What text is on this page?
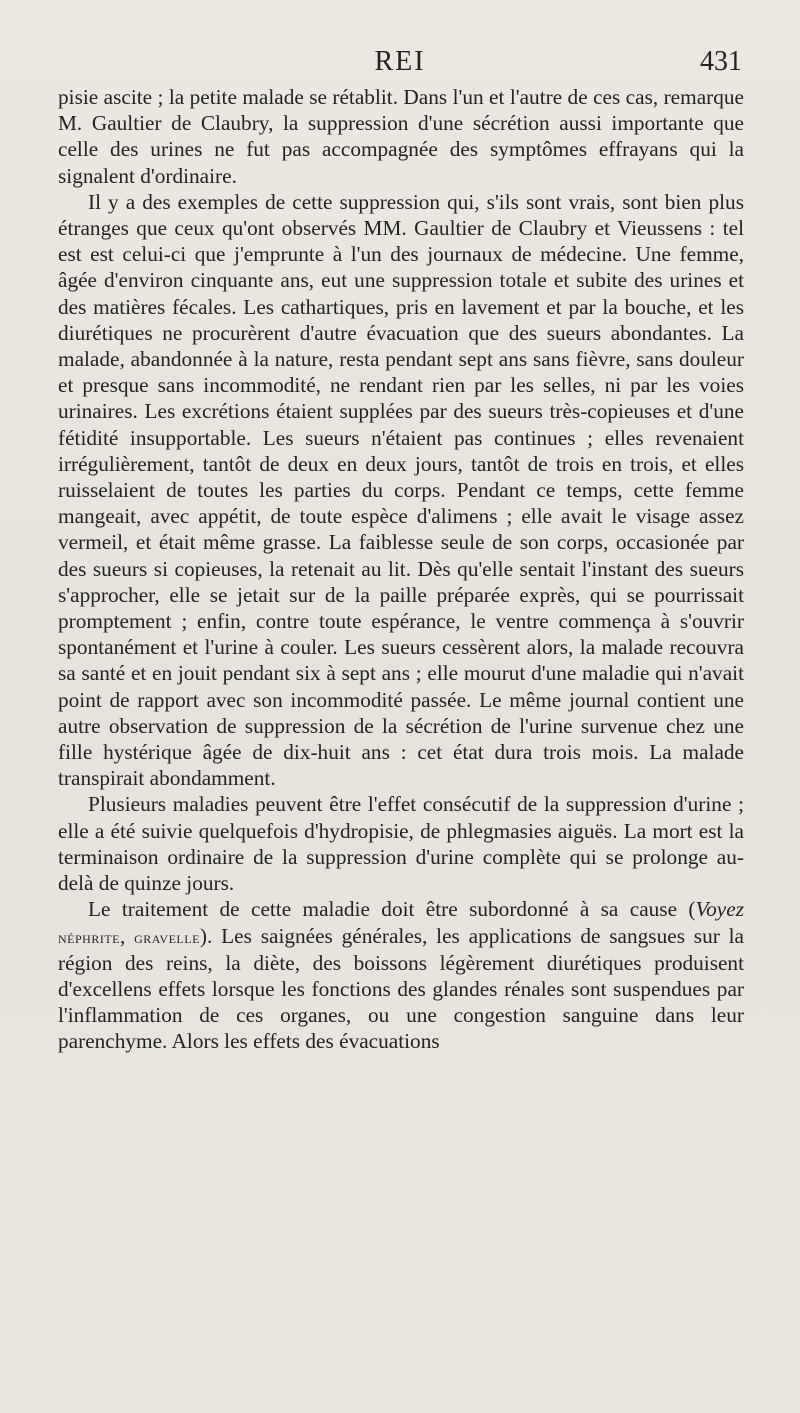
REI	431

pisie ascite ; la petite malade se rétablit. Dans l'un et l'autre de ces cas, remarque M. Gaultier de Claubry, la suppression d'une sécrétion aussi importante que celle des urines ne fut pas accompagnée des symptômes effrayans qui la signalent d'ordinaire.

Il y a des exemples de cette suppression qui, s'ils sont vrais, sont bien plus étranges que ceux qu'ont observés MM. Gaultier de Claubry et Vieussens : tel est est celui-ci que j'emprunte à l'un des journaux de médecine. Une femme, âgée d'environ cinquante ans, eut une suppression totale et subite des urines et des matières fécales. Les cathartiques, pris en lavement et par la bouche, et les diurétiques ne procurèrent d'autre évacuation que des sueurs abondantes. La malade, abandonnée à la nature, resta pendant sept ans sans fièvre, sans douleur et presque sans incommodité, ne rendant rien par les selles, ni par les voies urinaires. Les excrétions étaient supplées par des sueurs très-copieuses et d'une fétidité insupportable. Les sueurs n'étaient pas continues ; elles revenaient irrégulièrement, tantôt de deux en deux jours, tantôt de trois en trois, et elles ruisselaient de toutes les parties du corps. Pendant ce temps, cette femme mangeait, avec appétit, de toute espèce d'alimens ; elle avait le visage assez vermeil, et était même grasse. La faiblesse seule de son corps, occasionée par des sueurs si copieuses, la retenait au lit. Dès qu'elle sentait l'instant des sueurs s'approcher, elle se jetait sur de la paille préparée exprès, qui se pourrissait promptement ; enfin, contre toute espérance, le ventre commença à s'ouvrir spontanément et l'urine à couler. Les sueurs cessèrent alors, la malade recouvra sa santé et en jouit pendant six à sept ans ; elle mourut d'une maladie qui n'avait point de rapport avec son incommodité passée. Le même journal contient une autre observation de suppression de la sécrétion de l'urine survenue chez une fille hystérique âgée de dix-huit ans : cet état dura trois mois. La malade transpirait abondamment.

Plusieurs maladies peuvent être l'effet consécutif de la suppression d'urine ; elle a été suivie quelquefois d'hydropisie, de phlegmasies aiguës. La mort est la terminaison ordinaire de la suppression d'urine complète qui se prolonge au-delà de quinze jours.

Le traitement de cette maladie doit être subordonné à sa cause (Voyez néphrite, gravelle). Les saignées générales, les applications de sangsues sur la région des reins, la diète, des boissons légèrement diurétiques produisent d'excellens effets lorsque les fonctions des glandes rénales sont suspendues par l'inflammation de ces organes, ou une congestion sanguine dans leur parenchyme. Alors les effets des évacuations
